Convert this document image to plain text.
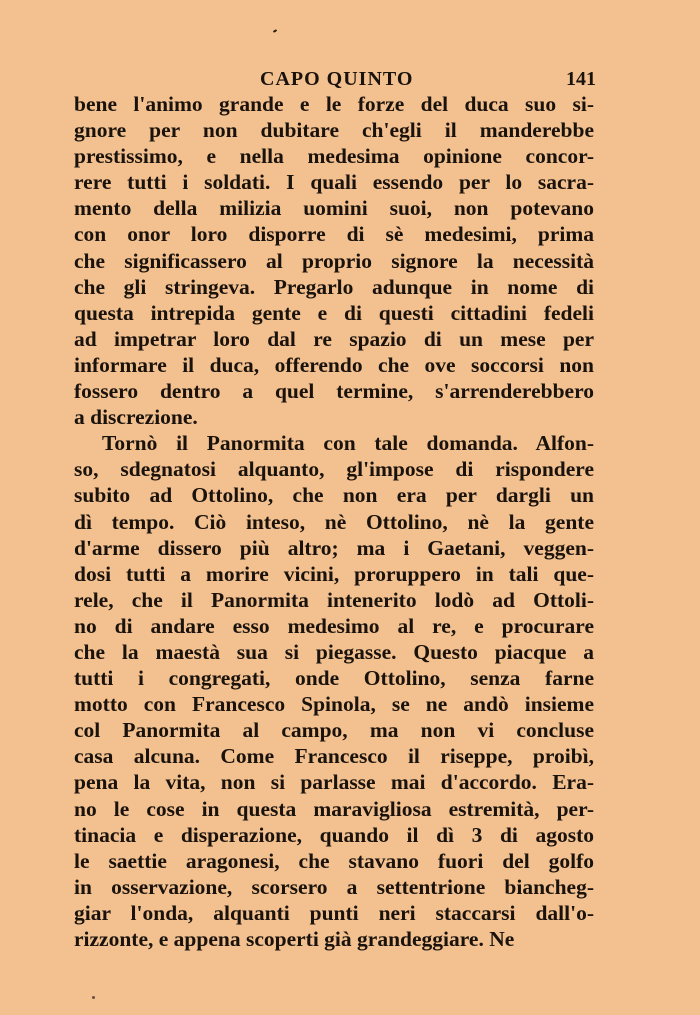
CAPO QUINTO	141
bene l'animo grande e le forze del duca suo si-
gnore per non dubitare ch'egli il manderebbe
prestissimo, e nella medesima opinione concor-
rere tutti i soldati. I quali essendo per lo sacra-
mento della milizia uomini suoi, non potevano
con onor loro disporre di sè medesimi, prima
che significassero al proprio signore la necessità
che gli stringeva. Pregarlo adunque in nome di
questa intrepida gente e di questi cittadini fedeli
ad impetrar loro dal re spazio di un mese per
informare il duca, offerendo che ove soccorsi non
fossero dentro a quel termine, s'arrenderebbero
a discrezione.
Tornò il Panormita con tale domanda. Alfon-
so, sdegnatosi alquanto, gl'impose di rispondere
subito ad Ottolino, che non era per dargli un
dì tempo. Ciò inteso, nè Ottolino, nè la gente
d'arme dissero più altro; ma i Gaetani, veggen-
dosi tutti a morire vicini, proruppero in tali que-
rele, che il Panormita intenerito lodò ad Ottoli-
no di andare esso medesimo al re, e procurare
che la maestà sua si piegasse. Questo piacque a
tutti i congregati, onde Ottolino, senza farne
motto con Francesco Spinola, se ne andò insieme
col Panormita al campo, ma non vi concluse
casa alcuna. Come Francesco il riseppe, proibì,
pena la vita, non si parlasse mai d'accordo. Era-
no le cose in questa maravigliosa estremità, per-
tinacia e disperazione, quando il dì 3 di agosto
le saettie aragonesi, che stavano fuori del golfo
in osservazione, scorsero a settentrione biancheg-
giar l'onda, alquanti punti neri staccarsi dall'o-
rizzonte, e appena scoperti già grandeggiare. Ne
